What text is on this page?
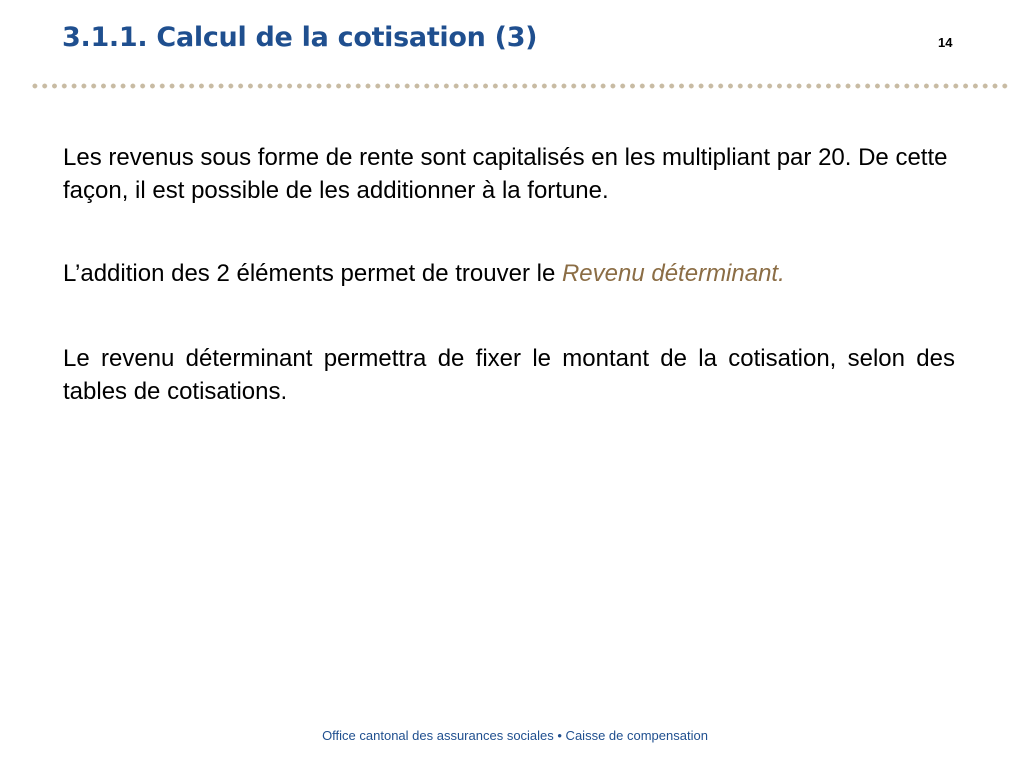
3.1.1. Calcul de la cotisation (3)	14

Les revenus sous forme de rente sont capitalisés en les multipliant par 20. De cette façon, il est possible de les additionner à la fortune.

L’addition des 2 éléments permet de trouver le Revenu déterminant.

Le revenu déterminant permettra de fixer le montant de la cotisation, selon des tables de cotisations.

Office cantonal des assurances sociales • Caisse de compensation
